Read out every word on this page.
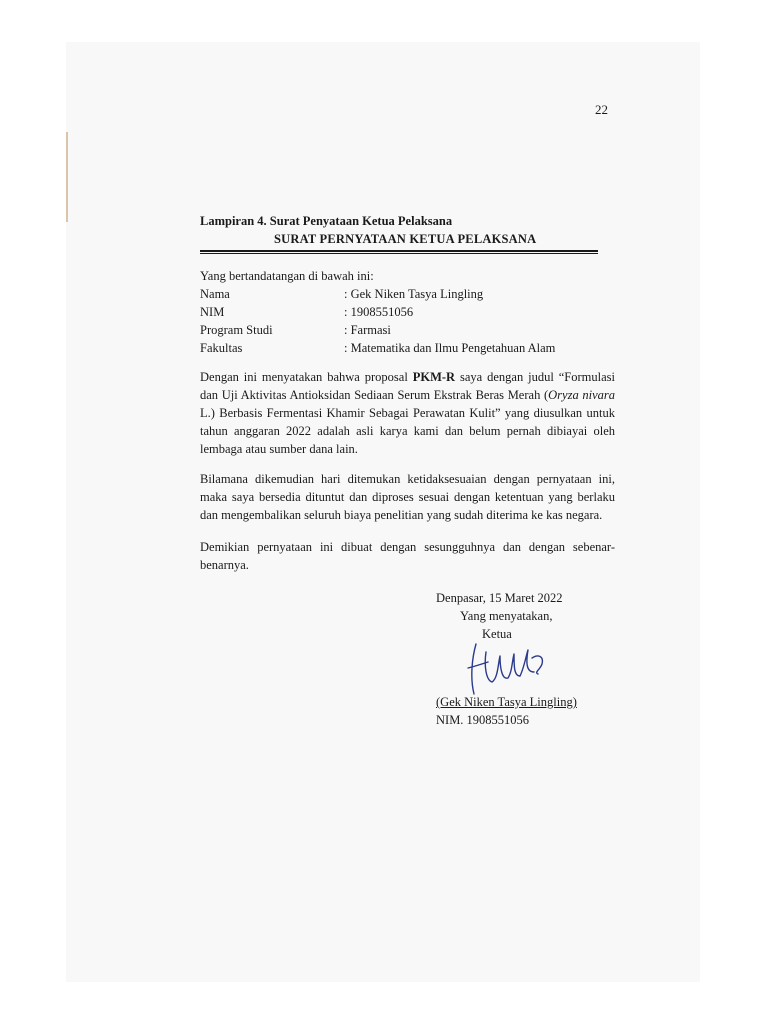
22
Lampiran 4. Surat Penyataan Ketua Pelaksana
SURAT PERNYATAAN KETUA PELAKSANA
Yang bertandatangan di bawah ini:
Nama	: Gek Niken Tasya Lingling
NIM	: 1908551056
Program Studi	: Farmasi
Fakultas	: Matematika dan Ilmu Pengetahuan Alam
Dengan ini menyatakan bahwa proposal PKM-R saya dengan judul “Formulasi
dan Uji Aktivitas Antioksidan Sediaan Serum Ekstrak Beras Merah (Oryza nivara
L.) Berbasis Fermentasi Khamir Sebagai Perawatan Kulit” yang diusulkan untuk
tahun anggaran 2022 adalah asli karya kami dan belum pernah dibiayai oleh
lembaga atau sumber dana lain.
Bilamana dikemudian hari ditemukan ketidaksesuaian dengan pernyataan ini,
maka saya bersedia dituntut dan diproses sesuai dengan ketentuan yang berlaku
dan mengembalikan seluruh biaya penelitian yang sudah diterima ke kas negara.
Demikian pernyataan ini dibuat dengan sesungguhnya dan dengan sebenar-
benarnya.
Denpasar, 15 Maret 2022
Yang menyatakan,
Ketua
(Gek Niken Tasya Lingling)
NIM. 1908551056
